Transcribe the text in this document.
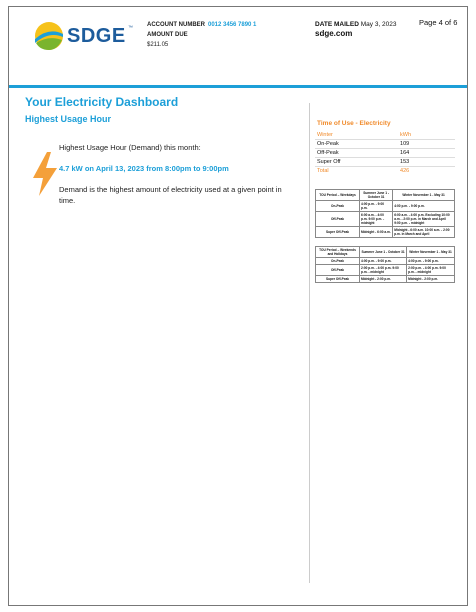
SDGE ™ ACCOUNT NUMBER 0012 3456 7890 1
AMOUNT DUE
$211.05
DATE MAILED May 3, 2023
sdge.com
Page 4 of 6
Your Electricity Dashboard
Highest Usage Hour
Highest Usage Hour (Demand) this month:
4.7 kW on April 13, 2023 from 8:00pm to 9:00pm
Demand is the highest amount of electricity used at a given point in time.
Time of Use - Electricity
Winter	kWh
On-Peak	109
Off-Peak	164
Super Off	153
Total	426
TOU Period – Weekdays	Summer June 1 - October 31	Winter November 1 - May 31
On-Peak	4:00 p.m. - 9:00 p.m.	4:00 p.m. - 9:00 p.m.
Off-Peak	6:00 a.m. - 4:00 p.m. 9:00 p.m. - midnight	6:00 a.m. - 4:00 p.m. Excluding 10:00 a.m. - 2:00 p.m. in March and April 9:00 p.m. - midnight
Super Off-Peak	Midnight - 6:00 a.m.	Midnight - 6:00 a.m. 10:00 a.m. - 2:00 p.m. in March and April
TOU Period – Weekends and Holidays	Summer June 1 - October 31	Winter November 1 - May 31
On-Peak	4:00 p.m. - 9:00 p.m.	4:00 p.m. - 9:00 p.m.
Off-Peak	2:00 p.m. - 4:00 p.m. 9:00 p.m. - midnight	2:00 p.m. - 4:00 p.m. 9:00 p.m. - midnight
Super Off-Peak	Midnight - 2:00 p.m.	Midnight - 2:00 p.m.
